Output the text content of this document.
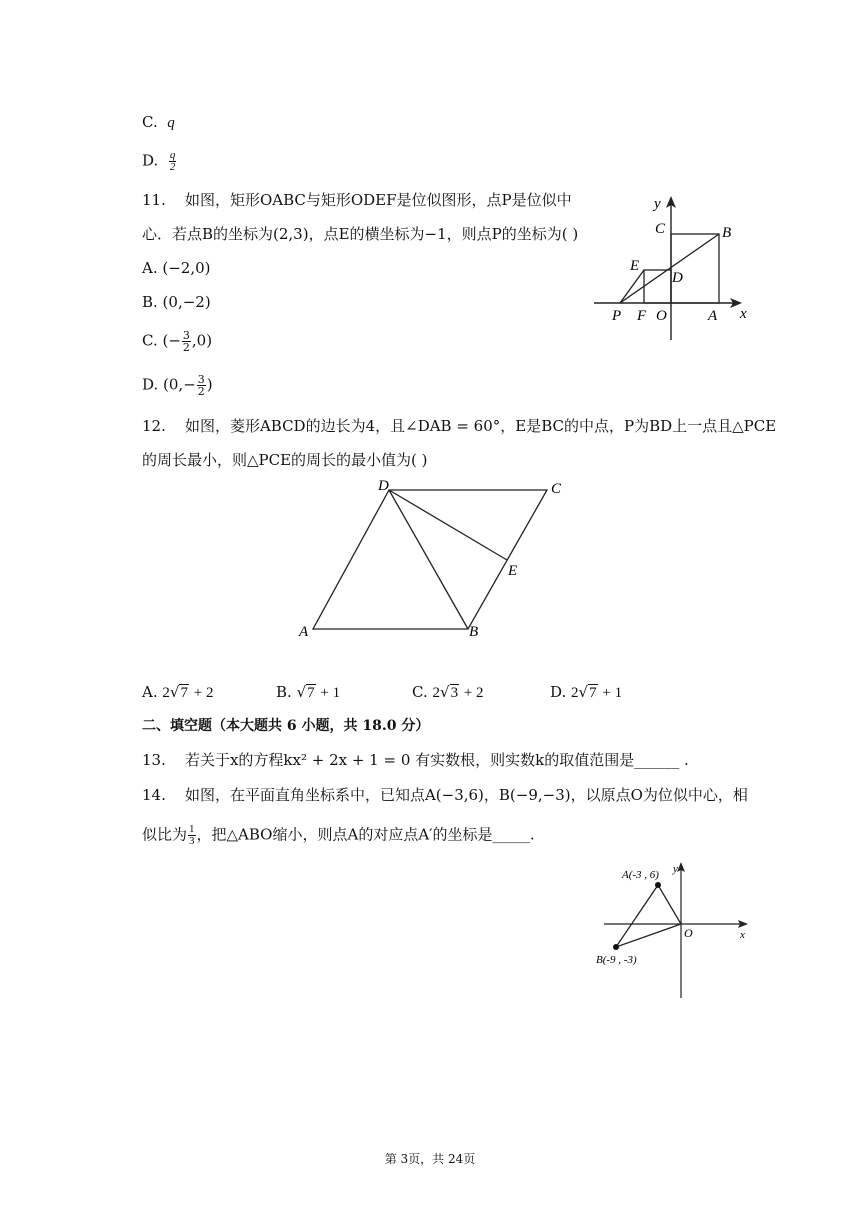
C. q
D. $\frac{q}{2}$
11. 如图，矩形OABC与矩形ODEF是位似图形，点P是位似中
心．若点B的坐标为(2,3)，点E的横坐标为−1，则点P的坐标为( )
A. (−2,0)
B. (0,−2)
C. (− $\frac{3}{2} ,0$)
D. ($0,- \frac{3}{2}$ )
y
x
C	B
E
D
P F O	A
12. 如图，菱形ABCD的边长为4，且∠DAB = 60°，E是BC的中点，P为BD上一点且△PCE
的周长最小，则△PCE的周长的最小值为( )
D	C
E
A	B
A. 2√7 + 2	B. √7 + 1	C. 2√3 + 2	D. 2√7 + 1
二、填空题（本大题共 6 小题，共 18.0 分）
13. 若关于x的方程kx² + 2x + 1 = 0 有实数根，则实数k的取值范围是______ .
14. 如图，在平面直角坐标系中，已知点A(−3,6)，B(−9,−3)，以原点O为位似中心，相
似比为 $\frac{1}{3}$ ，把△ABO缩小，则点A的对应点A′的坐标是_____.
A(-3 , 6)
B(-9 , -3)
O	x
y
第 3页，共 24页
